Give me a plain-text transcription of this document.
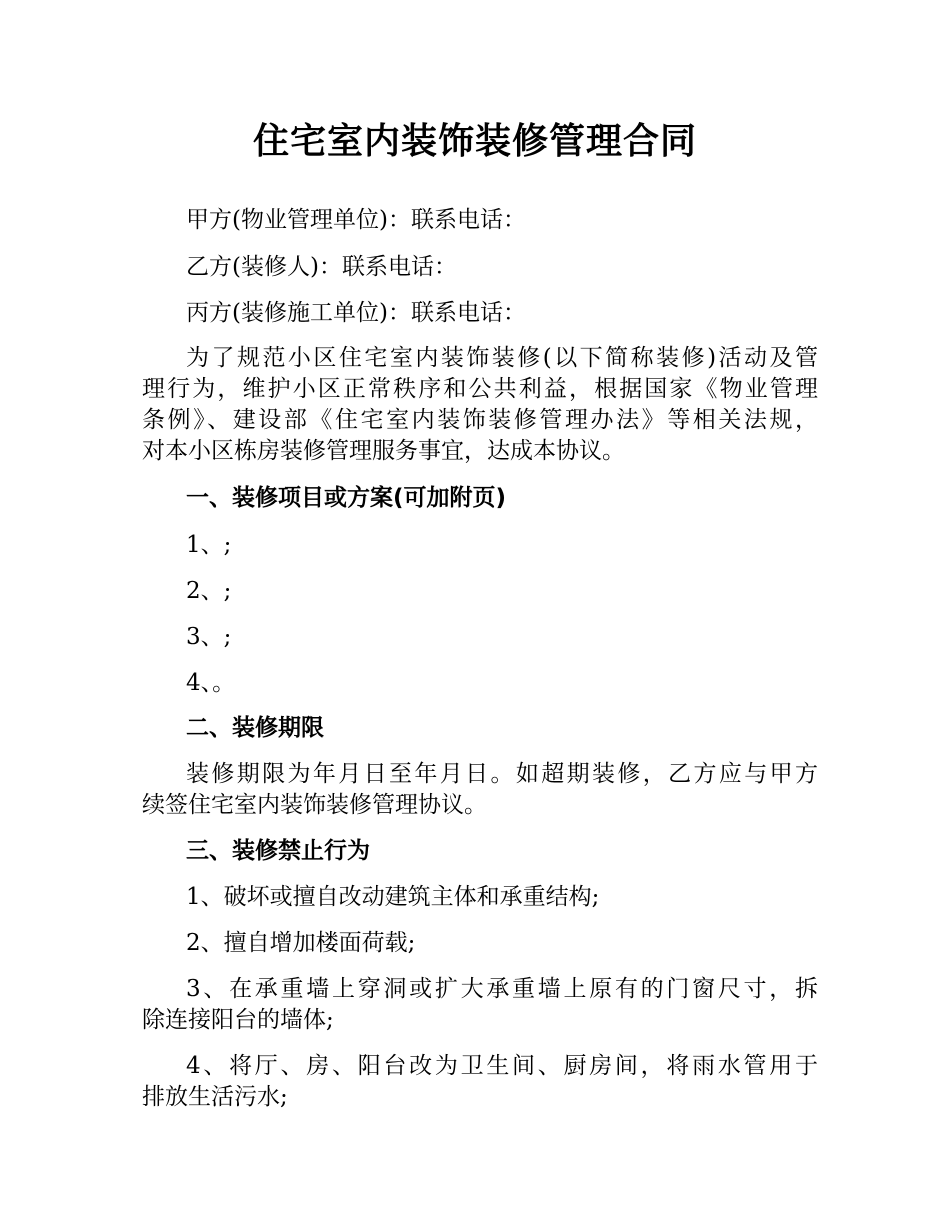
住宅室内装饰装修管理合同

甲方(物业管理单位)：联系电话：

乙方(装修人)：联系电话：

丙方(装修施工单位)：联系电话：

为了规范小区住宅室内装饰装修(以下简称装修)活动及管

理行为，维护小区正常秩序和公共利益，根据国家《物业管理

条例》、建设部《住宅室内装饰装修管理办法》等相关法规，

对本小区栋房装修管理服务事宜，达成本协议。

一、装修项目或方案(可加附页)

1、;

2、;

3、;

4、。

二、装修期限

装修期限为年月日至年月日。如超期装修，乙方应与甲方

续签住宅室内装饰装修管理协议。

三、装修禁止行为

1、破坏或擅自改动建筑主体和承重结构;

2、擅自增加楼面荷载;

3、在承重墙上穿洞或扩大承重墙上原有的门窗尺寸，拆

除连接阳台的墙体;

4、将厅、房、阳台改为卫生间、厨房间，将雨水管用于

排放生活污水;
